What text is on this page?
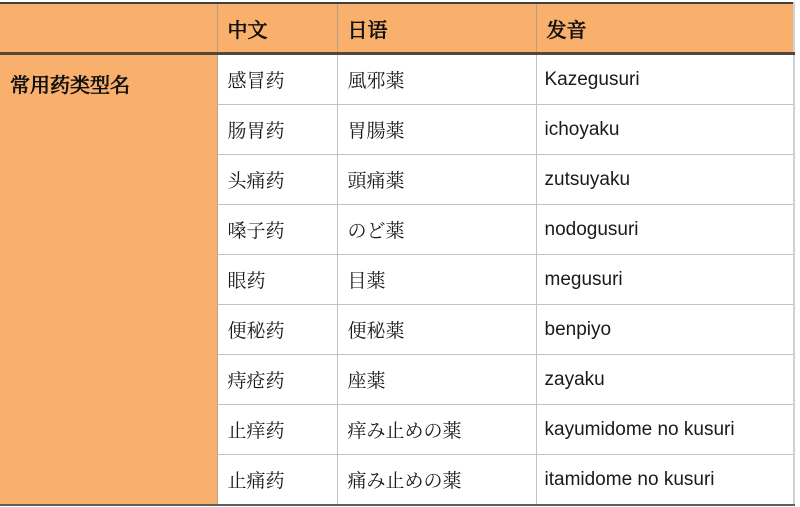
	中文	日语	发音
常用药类型名	感冒药	風邪薬	Kazegusuri
	肠胃药	胃腸薬	ichoyaku
	头痛药	頭痛薬	zutsuyaku
	嗓子药	のど薬	nodogusuri
	眼药	目薬	megusuri
	便秘药	便秘薬	benpiyo
	痔疮药	座薬	zayaku
	止痒药	痒み止めの薬	kayumidome no kusuri
	止痛药	痛み止めの薬	itamidome no kusuri
